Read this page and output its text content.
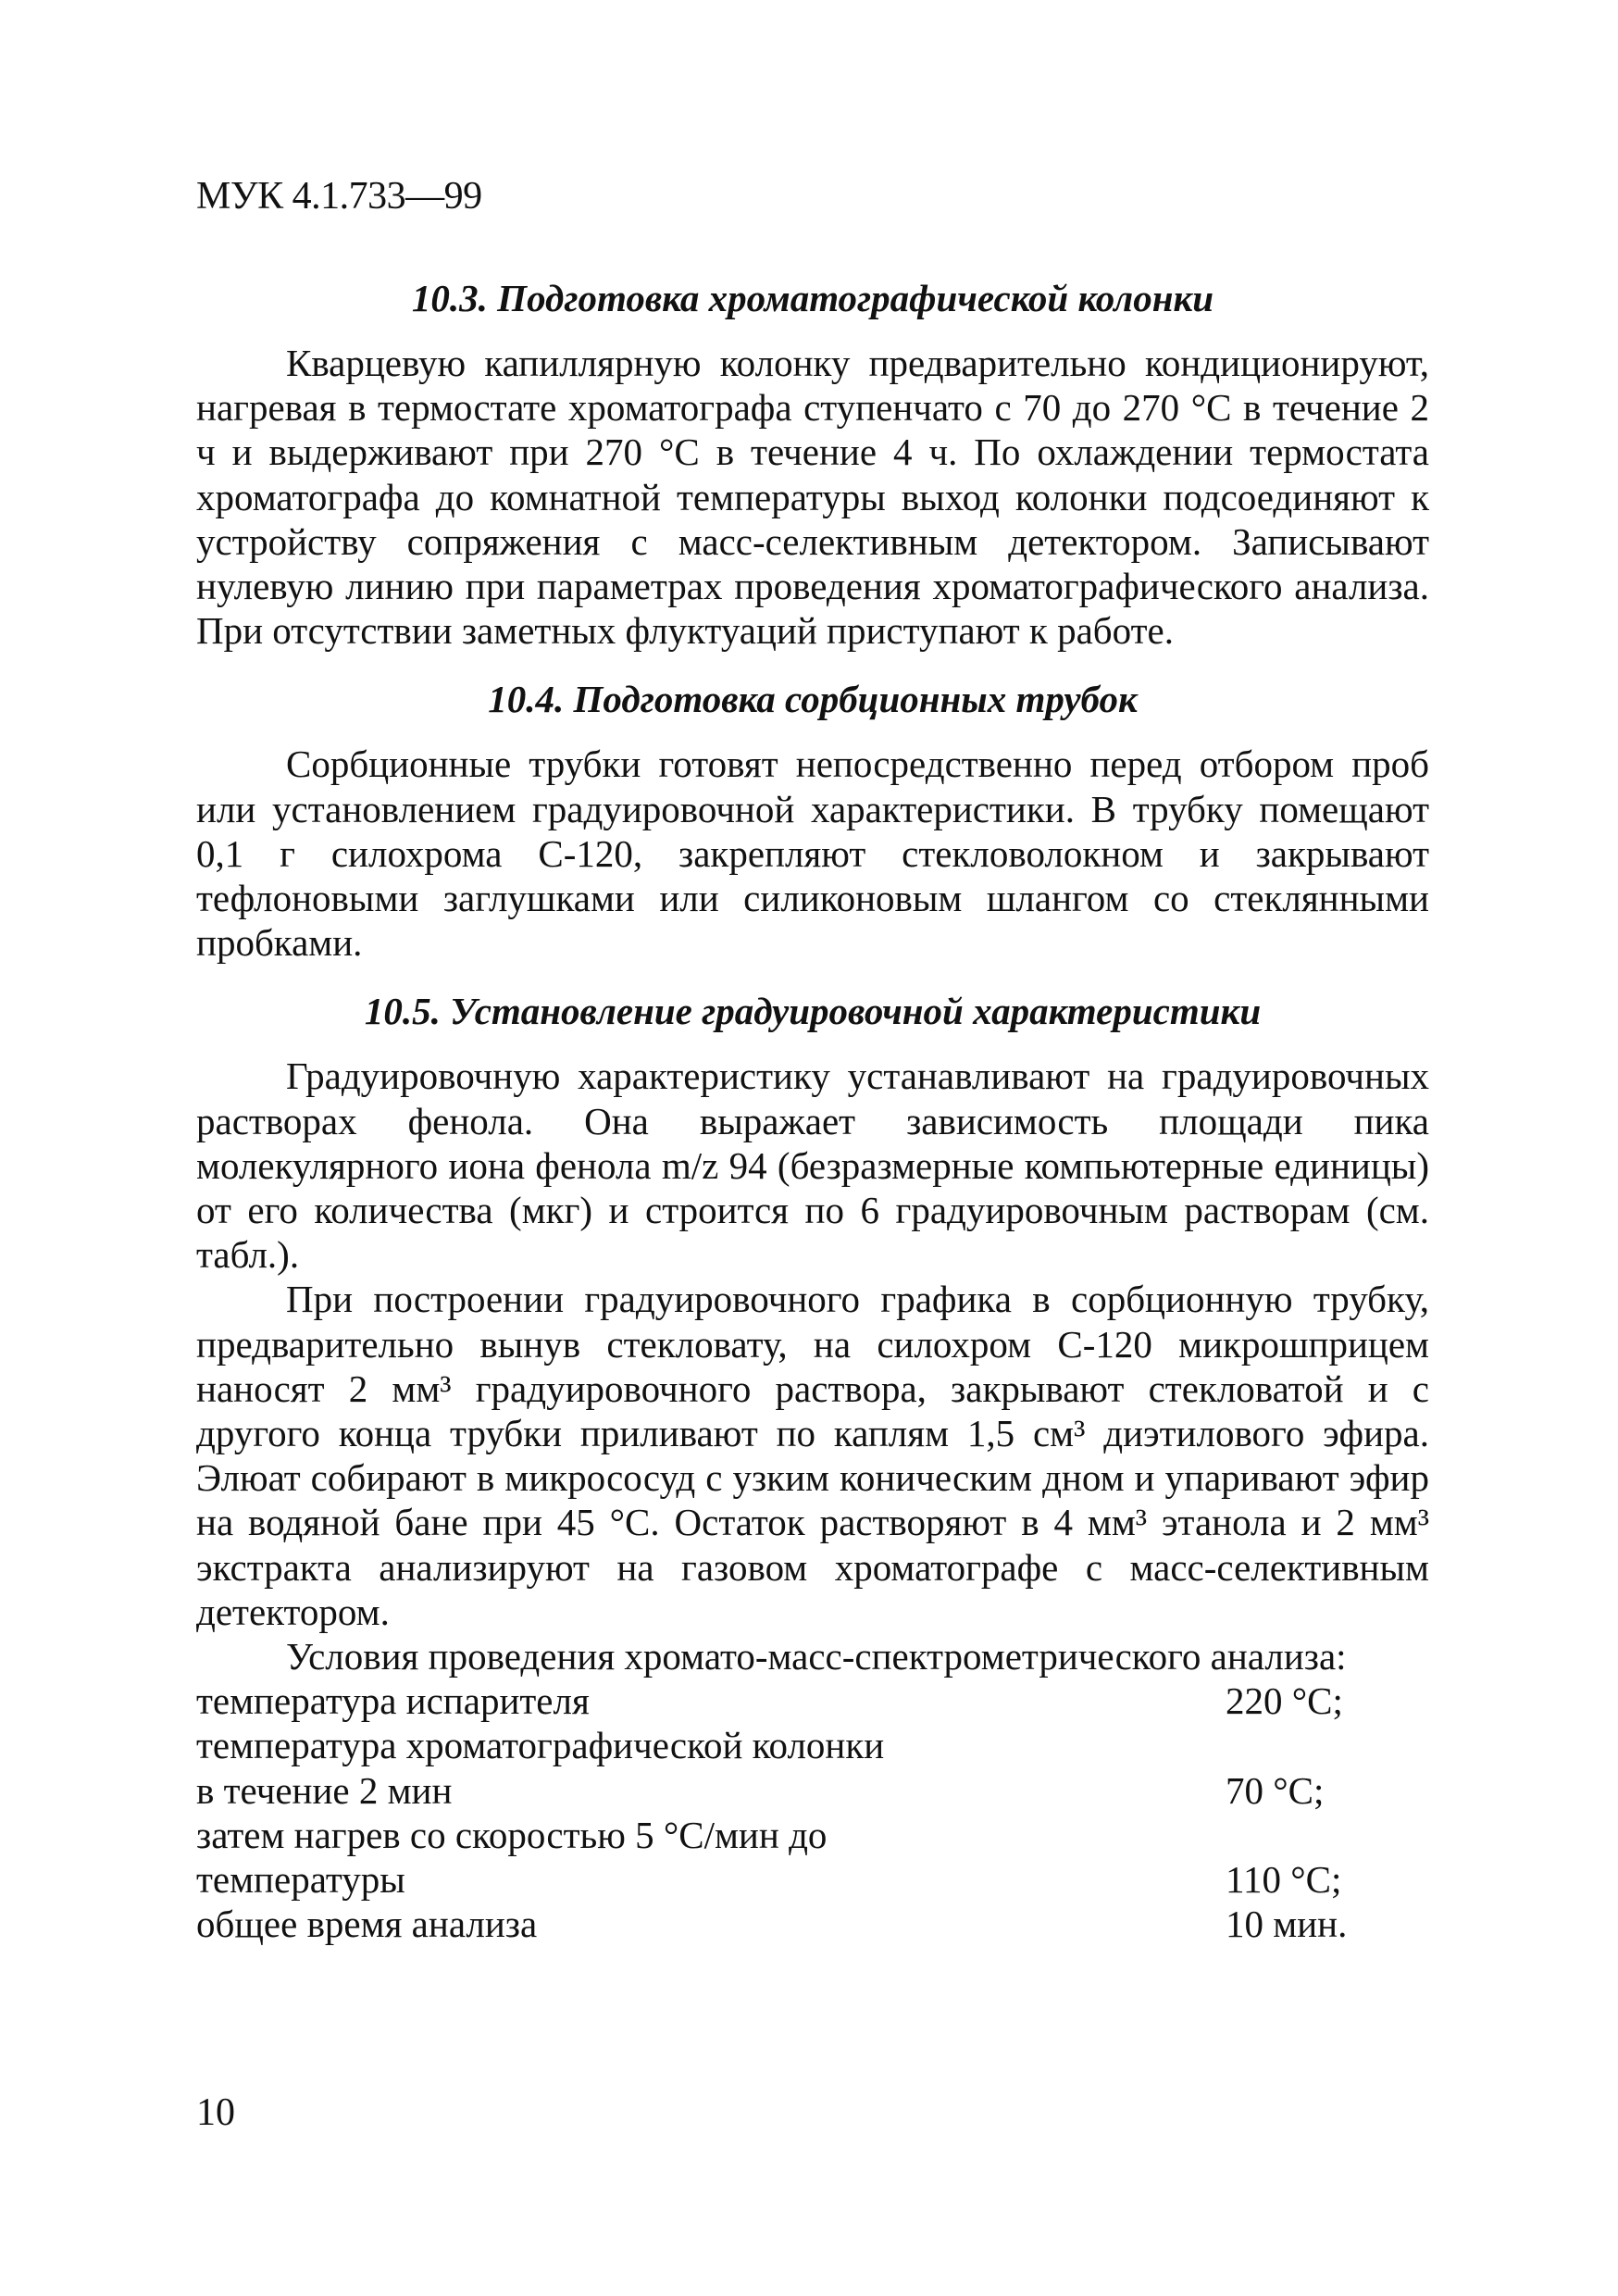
МУК 4.1.733—99
10.3. Подготовка хроматографической колонки

Кварцевую капиллярную колонку предварительно кондиционируют, нагревая в термостате хроматографа ступенчато с 70 до 270 °С в течение 2 ч и выдерживают при 270 °С в течение 4 ч. По охлаждении термостата хроматографа до комнатной температуры выход колонки подсоединяют к устройству сопряжения с масс-селективным детектором. Записывают нулевую линию при параметрах проведения хроматографического анализа. При отсутствии заметных флуктуаций приступают к работе.

10.4. Подготовка сорбционных трубок

Сорбционные трубки готовят непосредственно перед отбором проб или установлением градуировочной характеристики. В трубку помещают 0,1 г силохрома С-120, закрепляют стекловолокном и закрывают тефлоновыми заглушками или силиконовым шлангом со стеклянными пробками.

10.5. Установление градуировочной характеристики

Градуировочную характеристику устанавливают на градуировочных растворах фенола. Она выражает зависимость площади пика молекулярного иона фенола m/z 94 (безразмерные компьютерные единицы) от его количества (мкг) и строится по 6 градуировочным растворам (см. табл.).

При построении градуировочного графика в сорбционную трубку, предварительно вынув стекловату, на силохром С-120 микрошприцем наносят 2 мм³ градуировочного раствора, закрывают стекловатой и с другого конца трубки приливают по каплям 1,5 см³ диэтилового эфира. Элюат собирают в микрососуд с узким коническим дном и упаривают эфир на водяной бане при 45 °С. Остаток растворяют в 4 мм³ этанола и 2 мм³ экстракта анализируют на газовом хроматографе с масс-селективным детектором.

Условия проведения хромато-масс-спектрометрического анализа:

температура испарителя	220 °С;
температура хроматографической колонки
в течение 2 мин	70 °С;
затем нагрев со скоростью 5 °С/мин до
температуры	110 °С;
общее время анализа	10 мин.
10
